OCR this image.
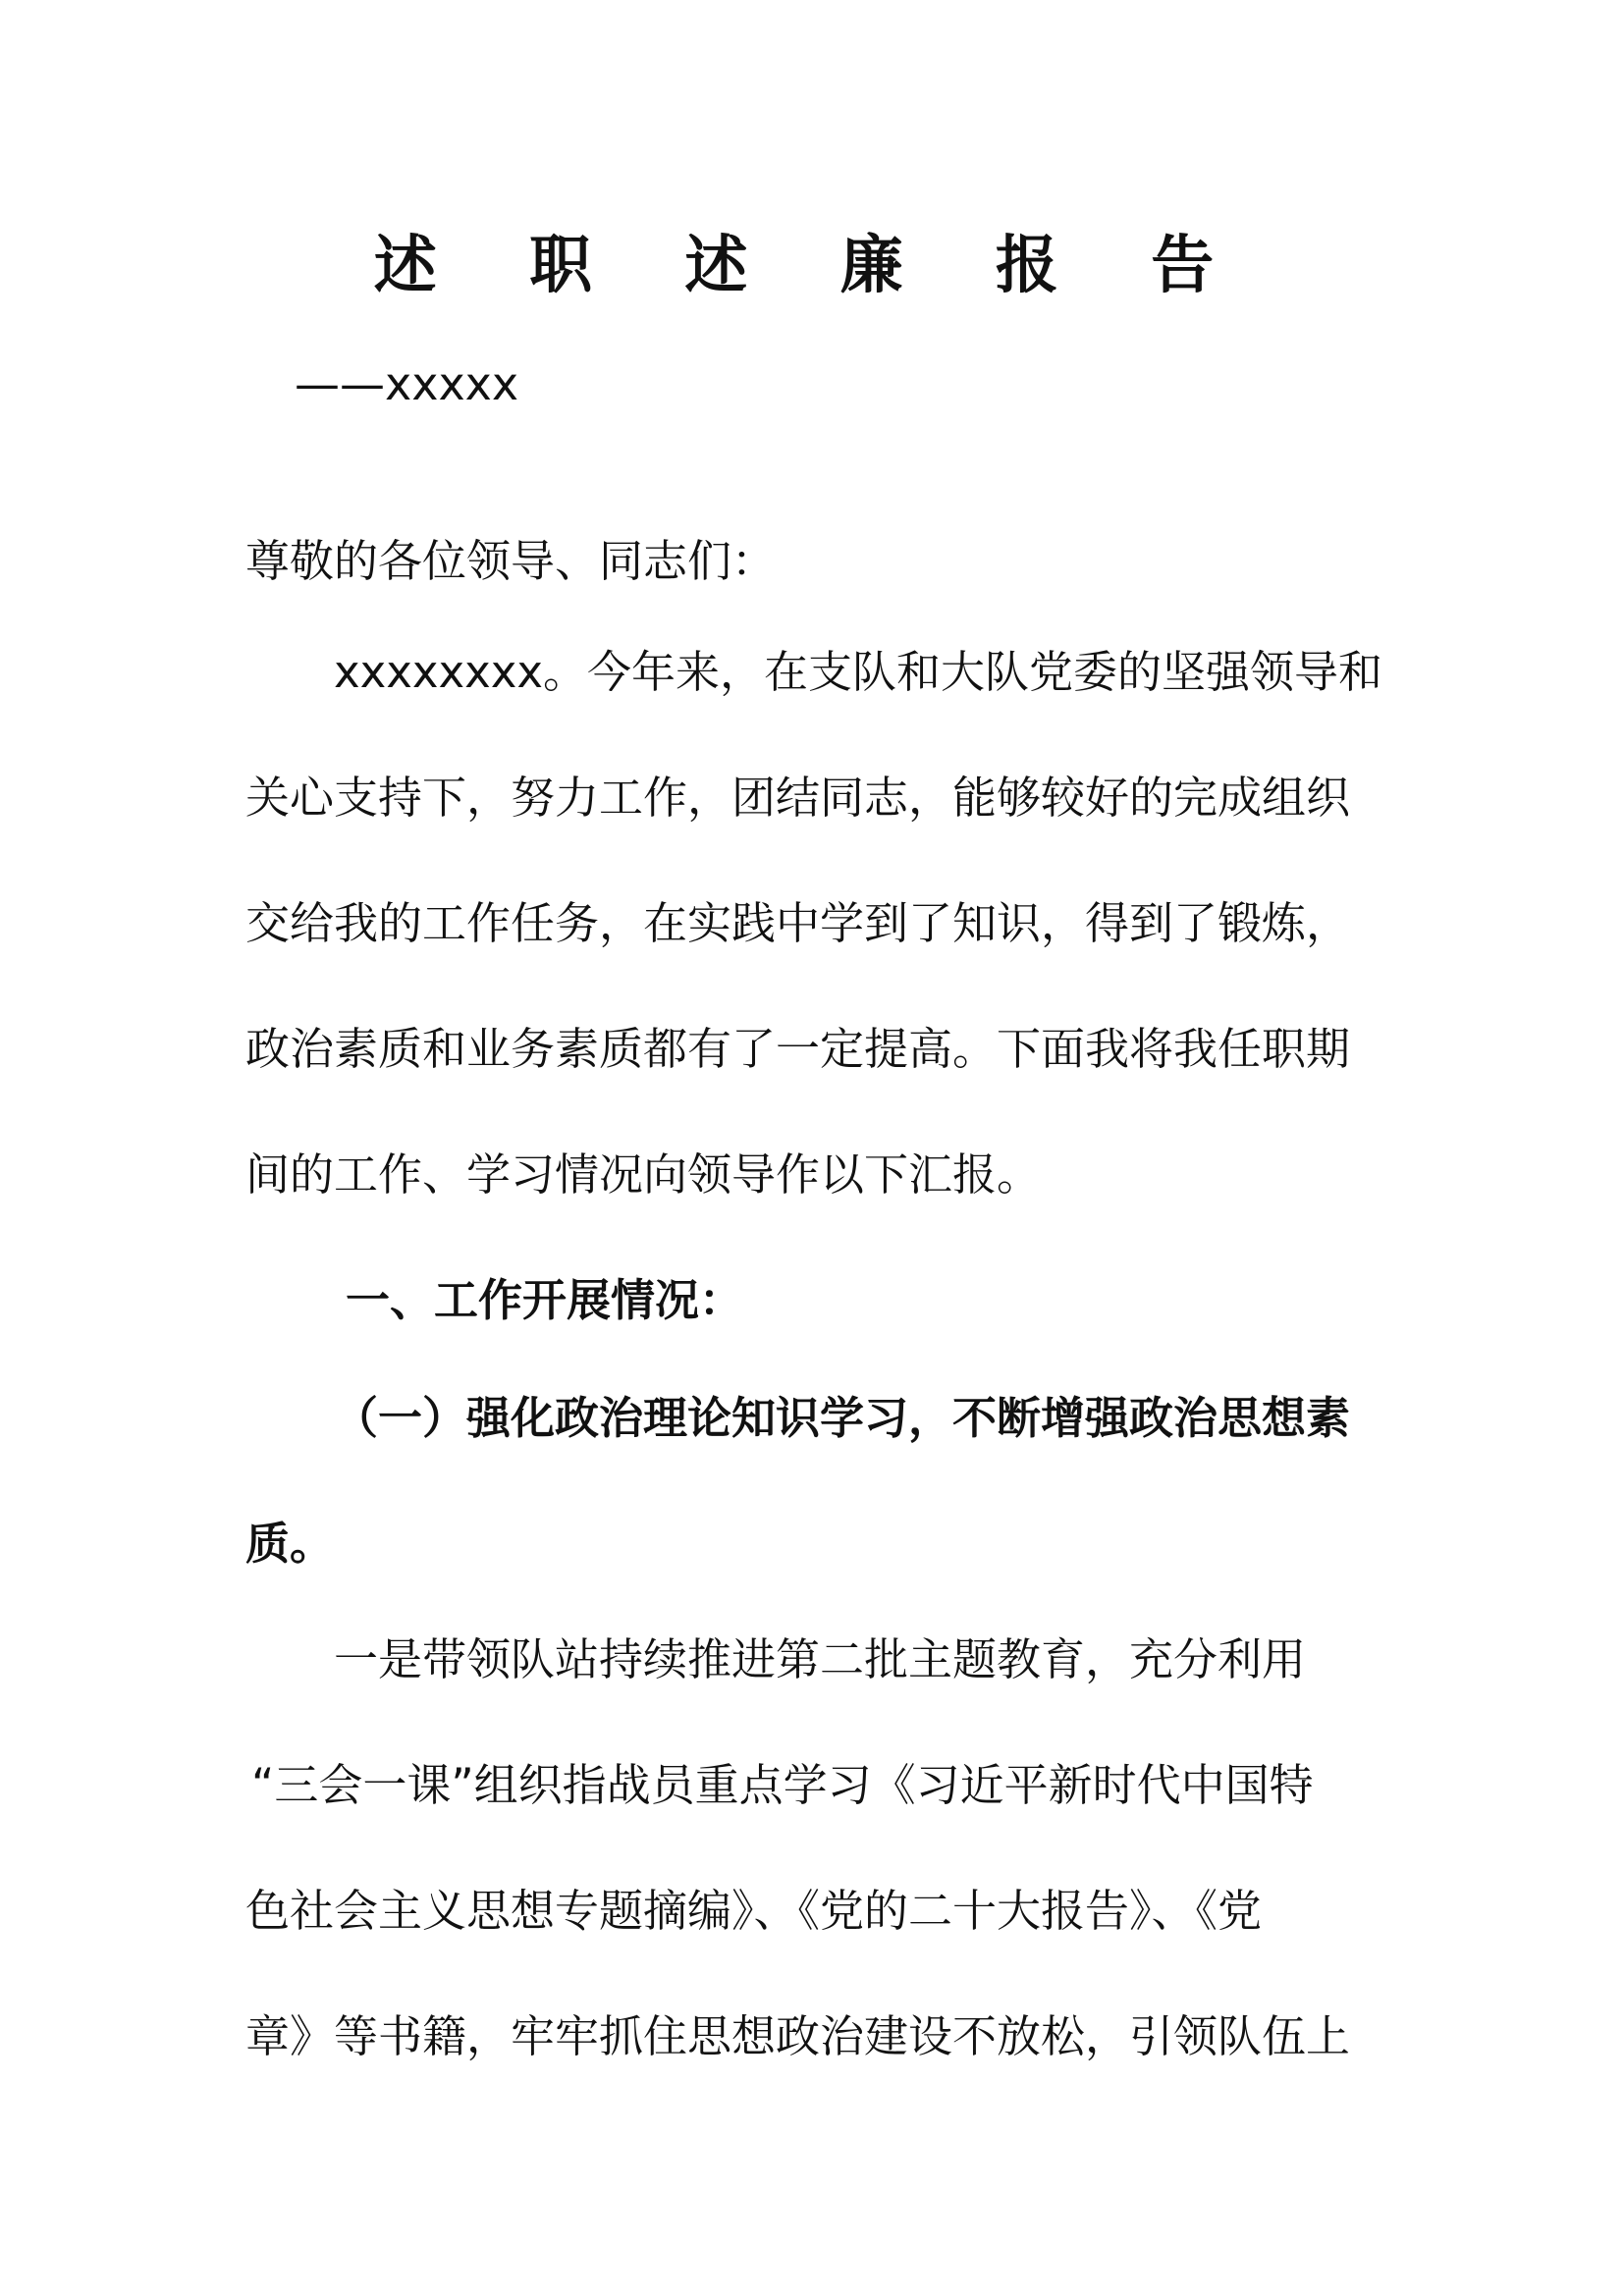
述 职 述 廉 报 告
——xxxxx
尊敬的各位领导、同志们：
xxxxxxxx。今年来，在支队和大队党委的坚强领导和
关心支持下，努力工作，团结同志，能够较好的完成组织
交给我的工作任务，在实践中学到了知识，得到了锻炼，
政治素质和业务素质都有了一定提高。下面我将我任职期
间的工作、学习情况向领导作以下汇报。
一、工作开展情况：
（一）强化政治理论知识学习，不断增强政治思想素
质。
一是带领队站持续推进第二批主题教育，充分利用
“三会一课”组织指战员重点学习《习近平新时代中国特
色社会主义思想专题摘编》、《党的二十大报告》、《党
章》等书籍，牢牢抓住思想政治建设不放松，引领队伍上
